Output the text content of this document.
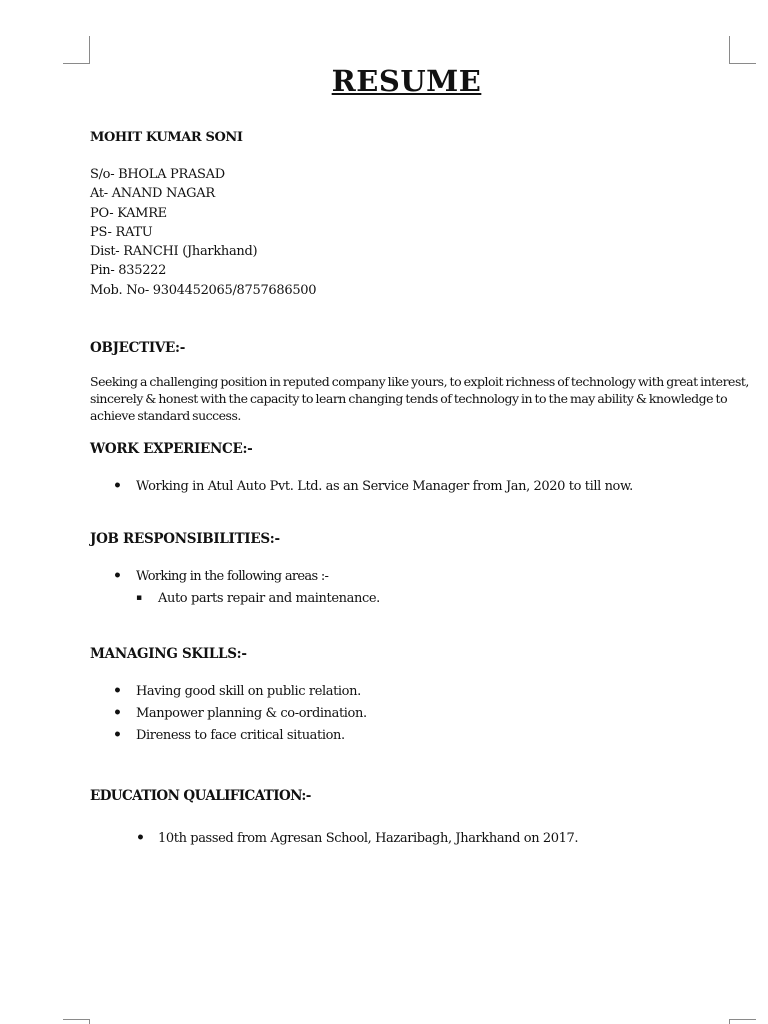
RESUME
MOHIT KUMAR SONI
S/o- BHOLA PRASAD
At- ANAND NAGAR
PO- KAMRE
PS- RATU
Dist- RANCHI (Jharkhand)
Pin- 835222
Mob. No- 9304452065/8757686500
OBJECTIVE:-
Seeking a challenging position in reputed company like yours, to exploit richness of technology with great interest,
sincerely & honest with the capacity to learn changing tends of technology in to the may ability & knowledge to
achieve standard success.
WORK EXPERIENCE:-
• Working in Atul Auto Pvt. Ltd. as an Service Manager from Jan, 2020 to till now.
JOB RESPONSIBILITIES:-
• Working in the following areas :-
▪ Auto parts repair and maintenance.
MANAGING SKILLS:-
• Having good skill on public relation.
• Manpower planning & co-ordination.
• Direness to face critical situation.
EDUCATION QUALIFICATION:-
• 10th passed from Agresan School, Hazaribagh, Jharkhand on 2017.
